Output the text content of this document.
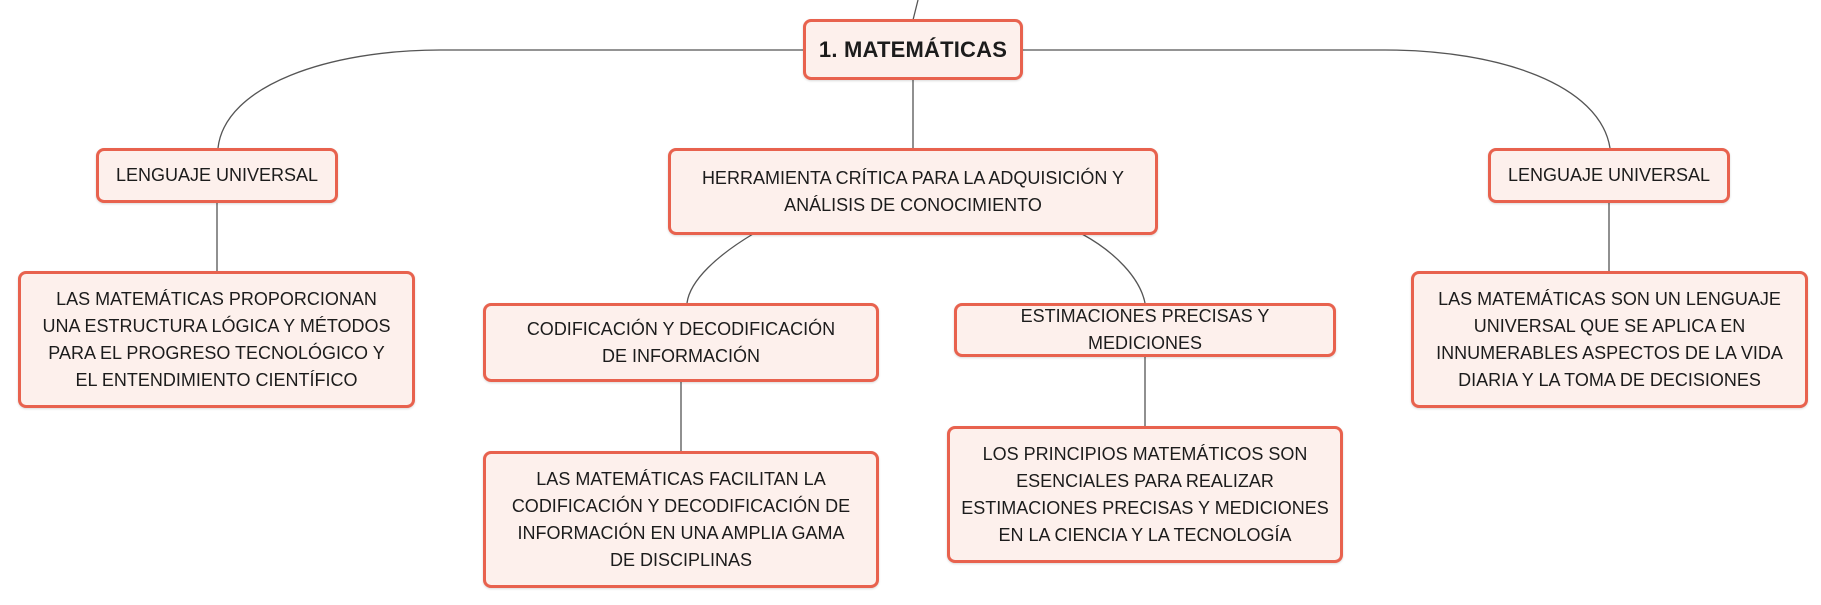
1. MATEMÁTICAS
LENGUAJE UNIVERSAL
LAS MATEMÁTICAS PROPORCIONAN UNA ESTRUCTURA LÓGICA Y MÉTODOS PARA EL PROGRESO TECNOLÓGICO Y EL ENTENDIMIENTO CIENTÍFICO
HERRAMIENTA CRÍTICA PARA LA ADQUISICIÓN Y ANÁLISIS DE CONOCIMIENTO
CODIFICACIÓN Y DECODIFICACIÓN DE INFORMACIÓN
LAS MATEMÁTICAS FACILITAN LA CODIFICACIÓN Y DECODIFICACIÓN DE INFORMACIÓN EN UNA AMPLIA GAMA DE DISCIPLINAS
ESTIMACIONES PRECISAS Y MEDICIONES
LOS PRINCIPIOS MATEMÁTICOS SON ESENCIALES PARA REALIZAR ESTIMACIONES PRECISAS Y MEDICIONES EN LA CIENCIA Y LA TECNOLOGÍA
LENGUAJE UNIVERSAL
LAS MATEMÁTICAS SON UN LENGUAJE UNIVERSAL QUE SE APLICA EN INNUMERABLES ASPECTOS DE LA VIDA DIARIA Y LA TOMA DE DECISIONES
